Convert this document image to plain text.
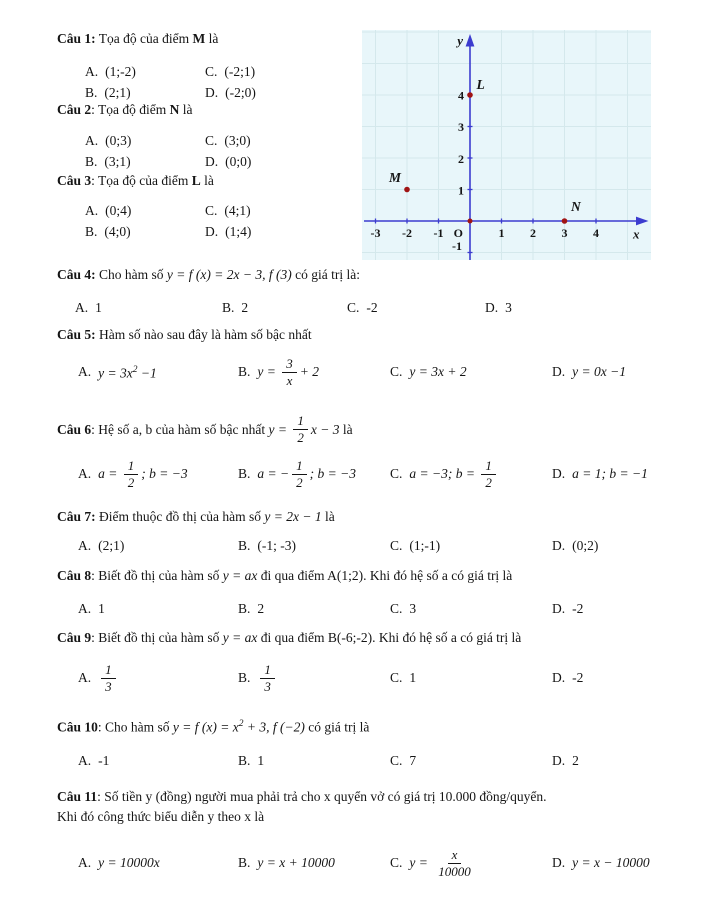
Câu 1: Tọa độ của điểm M là
A. (1;-2)	C. (-2;1)
B. (2;1)	D. (-2;0)
Câu 2: Tọa độ điểm N là
A. (0;3)	C. (3;0)
B. (3;1)	D. (0;0)
Câu 3: Tọa độ của điểm L là
A. (0;4)	C. (4;1)
B. (4;0)	D. (1;4)	-3 -2 -1	1 2 3 4
4
3
2
1
-1
O
y
x
L
M
N
Câu 4: Cho hàm số y = f (x) = 2x − 3, f (3) có giá trị là:
A. 1	B. 2	C. -2	D. 3
Câu 5: Hàm số nào sau đây là hàm số bậc nhất
A. $y = 3x^2 -1$	B. $y = \frac{3}{x} + 2$	C. y = 3x + 2	D. y = 0x −1
Câu 6 : Hệ số a, b của hàm số bậc nhất $y = \frac{1}{2}$ x − 3 là
A. $a = \frac{1}{2}$ ; b = −3	B. a = − $\frac{1}{2}$ ; b = −3	C. a = −3; $b = \frac{1}{2}$	D. a = 1; b = −1
Câu 7: Điểm thuộc đồ thị của hàm số y = 2x − 1 là
A. (2;1)	B. (-1; -3)	C. (1;-1)	D. (0;2)
Câu 8: Biết đồ thị của hàm số y = ax đi qua điểm A(1;2). Khi đó hệ số a có giá trị là
A. 1	B. 2	C. 3	D. -2
Câu 9: Biết đồ thị của hàm số y = ax đi qua điểm B(-6;-2). Khi đó hệ số a có giá trị là
A. $\frac{1}{3}$	B. $\frac{1}{3}$	C. 1	D. -2
Câu 10: Cho hàm số y = f $(x) = x^2 + 3$, f (−2) có giá trị là
A. -1	B. 1	C. 7	D. 2
Câu 11: Số tiền y (đồng) người mua phải trả cho x quyển vở có giá trị 10.000 đồng/quyển.
Khi đó công thức biểu diễn y theo x là
A. y = 10000x	B. y = x + 10000	C. $y = \frac{x}{10000}$	D. y = x − 10000
